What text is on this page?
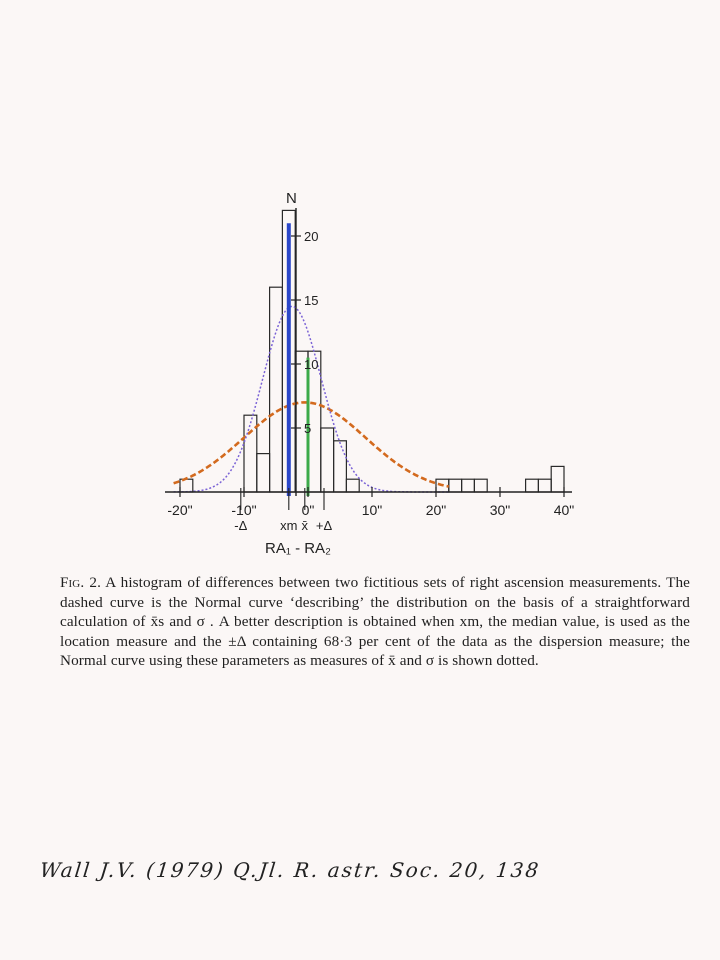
-20"	-10"	0"	10"	20"	30"	40"
5
10
15
20
-Δ	xm x̄ +Δ
N
RA₁ - RA₂
Fig. 2. A histogram of differences between two fictitious sets of right ascension measurements. The dashed curve is the Normal curve ‘describing’ the distribution on the basis of a straightforward calculation of x̄s and σ . A better description is obtained when xm, the median value, is used as the location measure and the ±Δ containing 68·3 per cent of the data as the dispersion measure; the Normal curve using these parameters as measures of x̄ and σ is shown dotted.
Wall J.V. (1979) Q.Jl. R. astr. Soc. 20, 138
